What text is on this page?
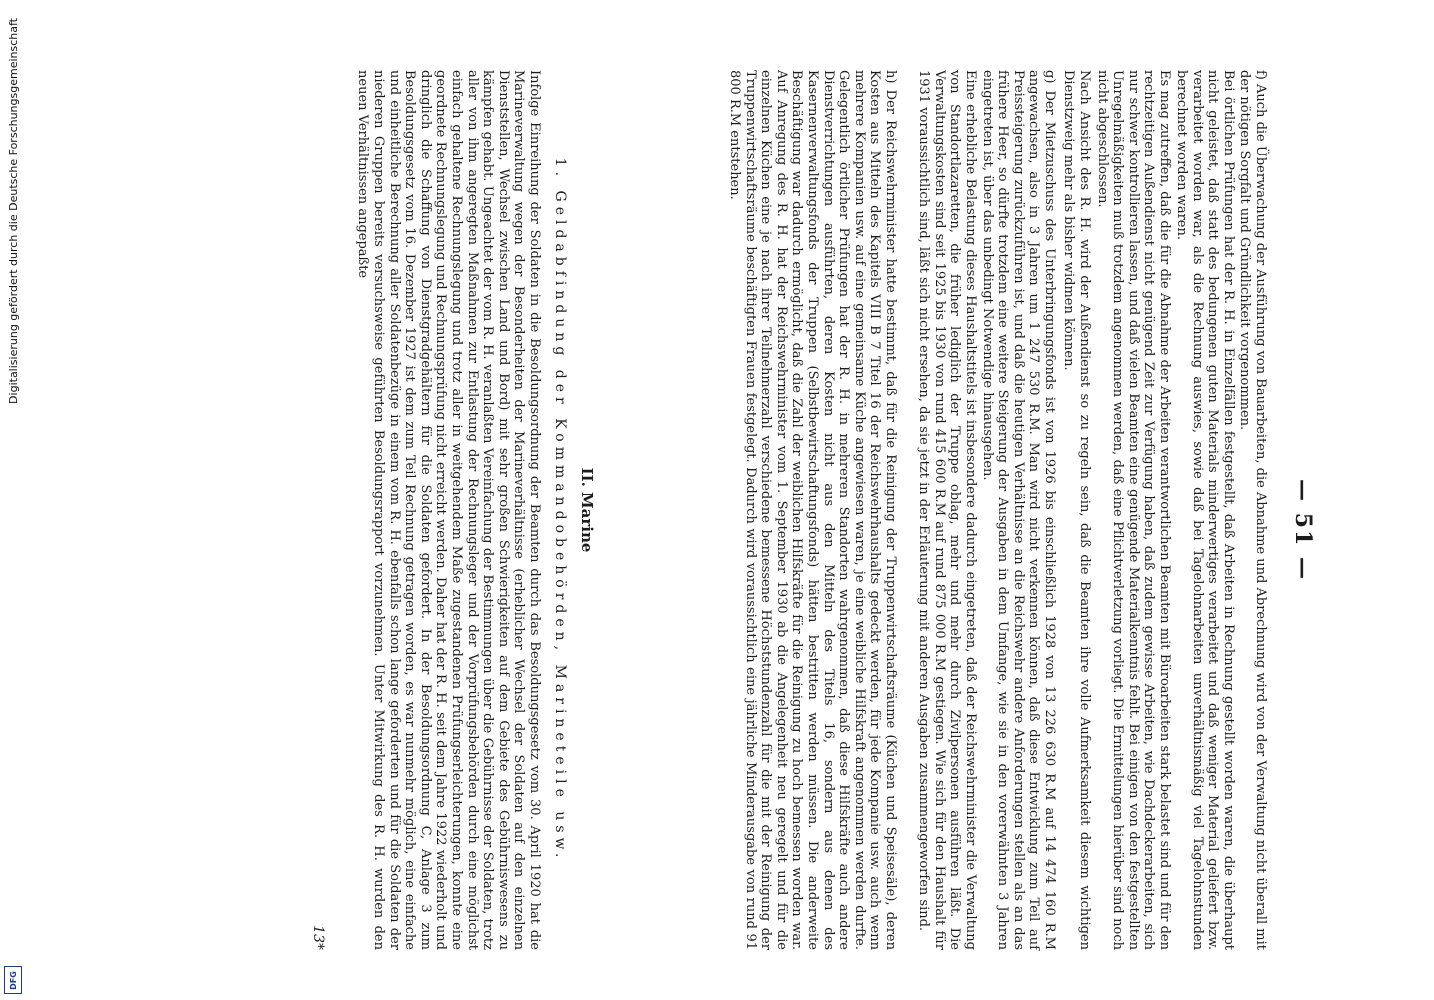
— 51 —

f) Auch die Überwachung der Ausführung von Bauarbeiten, die Abnahme und Abrechnung wird von der Verwaltung nicht überall mit der nötigen Sorgfalt und Gründlichkeit vorgenommen.

Bei örtlichen Prüfungen hat der R. H. in Einzelfällen festgestellt, daß Arbeiten in Rechnung gestellt worden waren, die überhaupt nicht geleistet, daß statt des bedungenen guten Materials minderwertiges verarbeitet und daß weniger Material geliefert bzw. verarbeitet worden war, als die Rechnung auswies, sowie daß bei Tagelohnarbeiten unverhältnismäßig viel Tagelohnstunden berechnet worden waren.

Es mag zutreffen, daß die für die Abnahme der Arbeiten verantwortlichen Beamten mit Büroarbeiten stark belastet sind und für den rechtzeitigen Außendienst nicht genügend Zeit zur Verfügung haben, daß zudem gewisse Arbeiten, wie Dachdeckerarbeiten, sich nur schwer kontrollieren lassen, und daß vielen Beamten eine genügende Materialkenntnis fehlt. Bei einigen von den festgestellten Unregelmäßigkeiten muß trotzdem angenommen werden, daß eine Pflichtverletzung vorliegt. Die Ermittelungen hierüber sind noch nicht abgeschlossen.

Nach Ansicht des R. H. wird der Außendienst so zu regeln sein, daß die Beamten ihre volle Aufmerksamkeit diesem wichtigen Dienstzweig mehr als bisher widmen können.

g) Der Mietzuschuss des Unterbringungsfonds ist von 1926 bis einschließlich 1928 von 13 226 630 R.M auf 14 474 160 R.M angewachsen, also in 3 Jahren um 1 247 530 R.M. Man wird nicht verkennen können, daß diese Entwicklung zum Teil auf Preissteigerung zurückzuführen ist, und daß die heutigen Verhältnisse an die Reichswehr andere Anforderungen stellen als an das frühere Heer, so dürfte trotzdem eine weitere Steigerung der Ausgaben in dem Umfange, wie sie in den vorerwähnten 3 Jahren eingetreten ist, über das unbedingt Notwendige hinausgehen.

Eine erhebliche Belastung dieses Haushaltstitels ist insbesondere dadurch eingetreten, daß der Reichswehrminister die Verwaltung von Standortlazaretten, die früher lediglich der Truppe oblag, mehr und mehr durch Zivilpersonen ausführen läßt. Die Verwaltungskosten sind seit 1925 bis 1930 von rund 415 600 R.M auf rund 875 000 R.M gestiegen. Wie sich für den Haushalt für 1931 voraussichtlich sind, läßt sich nicht ersehen, da sie jetzt in der Erläuterung mit anderen Ausgaben zusammengeworfen sind.

h) Der Reichswehrminister hatte bestimmt, daß für die Reinigung der Truppenwirtschaftsräume (Küchen und Speisesäle), deren Kosten aus Mitteln des Kapitels VIII B 7 Titel 16 der Reichswehrhaushalts gedeckt werden, für jede Kompanie usw. auch wenn mehrere Kompanien usw. auf eine gemeinsame Küche angewiesen waren, je eine weibliche Hilfskraft angenommen werden durfte. Gelegentlich örtlicher Prüfungen hat der R. H. in mehreren Standorten wahrgenommen, daß diese Hilfskräfte auch andere Dienstverrichtungen ausführten, deren Kosten nicht aus den Mitteln des Titels 16, sondern aus denen des Kasernenverwaltungsfonds der Truppen (Selbstbewirtschaftungsfonds) hätten bestritten werden müssen. Die anderweite Beschäftigung war dadurch ermöglicht, daß die Zahl der weiblichen Hilfskräfte für die Reinigung zu hoch bemessen worden war. Auf Anregung des R. H. hat der Reichswehrminister vom 1. September 1930 ab die Angelegenheit neu geregelt und für die einzelnen Küchen eine je nach ihrer Teilnehmerzahl verschiedene bemessene Höchststundenzahl für die mit der Reinigung der Truppenwirtschaftsräume beschäftigten Frauen festgelegt. Dadurch wird voraussichtlich eine jährliche Minderausgabe von rund 91 800 R.M entstehen.

II. Marine
1. Geldabfindung der Kommandobehörden, Marineteile usw.

Infolge Einreihung der Soldaten in die Besoldungsordnung der Beamten durch das Besoldungsgesetz vom 30. April 1920 hat die Marineverwaltung wegen der Besonderheiten der Marineverhältnisse (erheblicher Wechsel der Soldaten auf den einzelnen Dienststellen, Wechsel zwischen Land und Bord) mit sehr großen Schwierigkeiten auf dem Gebiete des Gebührniswesens zu kämpfen gehabt. Ungeachtet der vom R. H. veranlaßten Vereinfachung der Bestimmungen über die Gebührnisse der Soldaten, trotz aller von ihm angeregten Maßnahmen zur Entlastung der Rechnungsleger und der Vorprüfungsbehörden durch eine möglichst einfach gehaltene Rechnungslegung und trotz aller in weitgehendem Maße zugestandenen Prüfungserleichterungen, konnte eine geordnete Rechnungslegung und Rechnungsprüfung nicht erreicht werden. Daher hat der R. H. seit dem Jahre 1922 wiederholt und dringlich die Schaffung von Dienstgradgehältern für die Soldaten gefordert. In der Besoldungsordnung C, Anlage 3 zum Besoldungsgesetz vom 16. Dezember 1927 ist dem zum Teil Rechnung getragen worden, es war nunmehr möglich, eine einfache und einheitliche Berechnung aller Soldatenbezüge in einem vom R. H. ebenfalls schon lange geforderten und für die Soldaten der niederen Gruppen bereits versuchsweise geführten Besoldungsrapport vorzunehmen. Unter Mitwirkung des R. H. wurden den neuen Verhältnissen angepaßte

13*
Digitalisierung gefördert durch die Deutsche Forschungsgemeinschaft
DFG
